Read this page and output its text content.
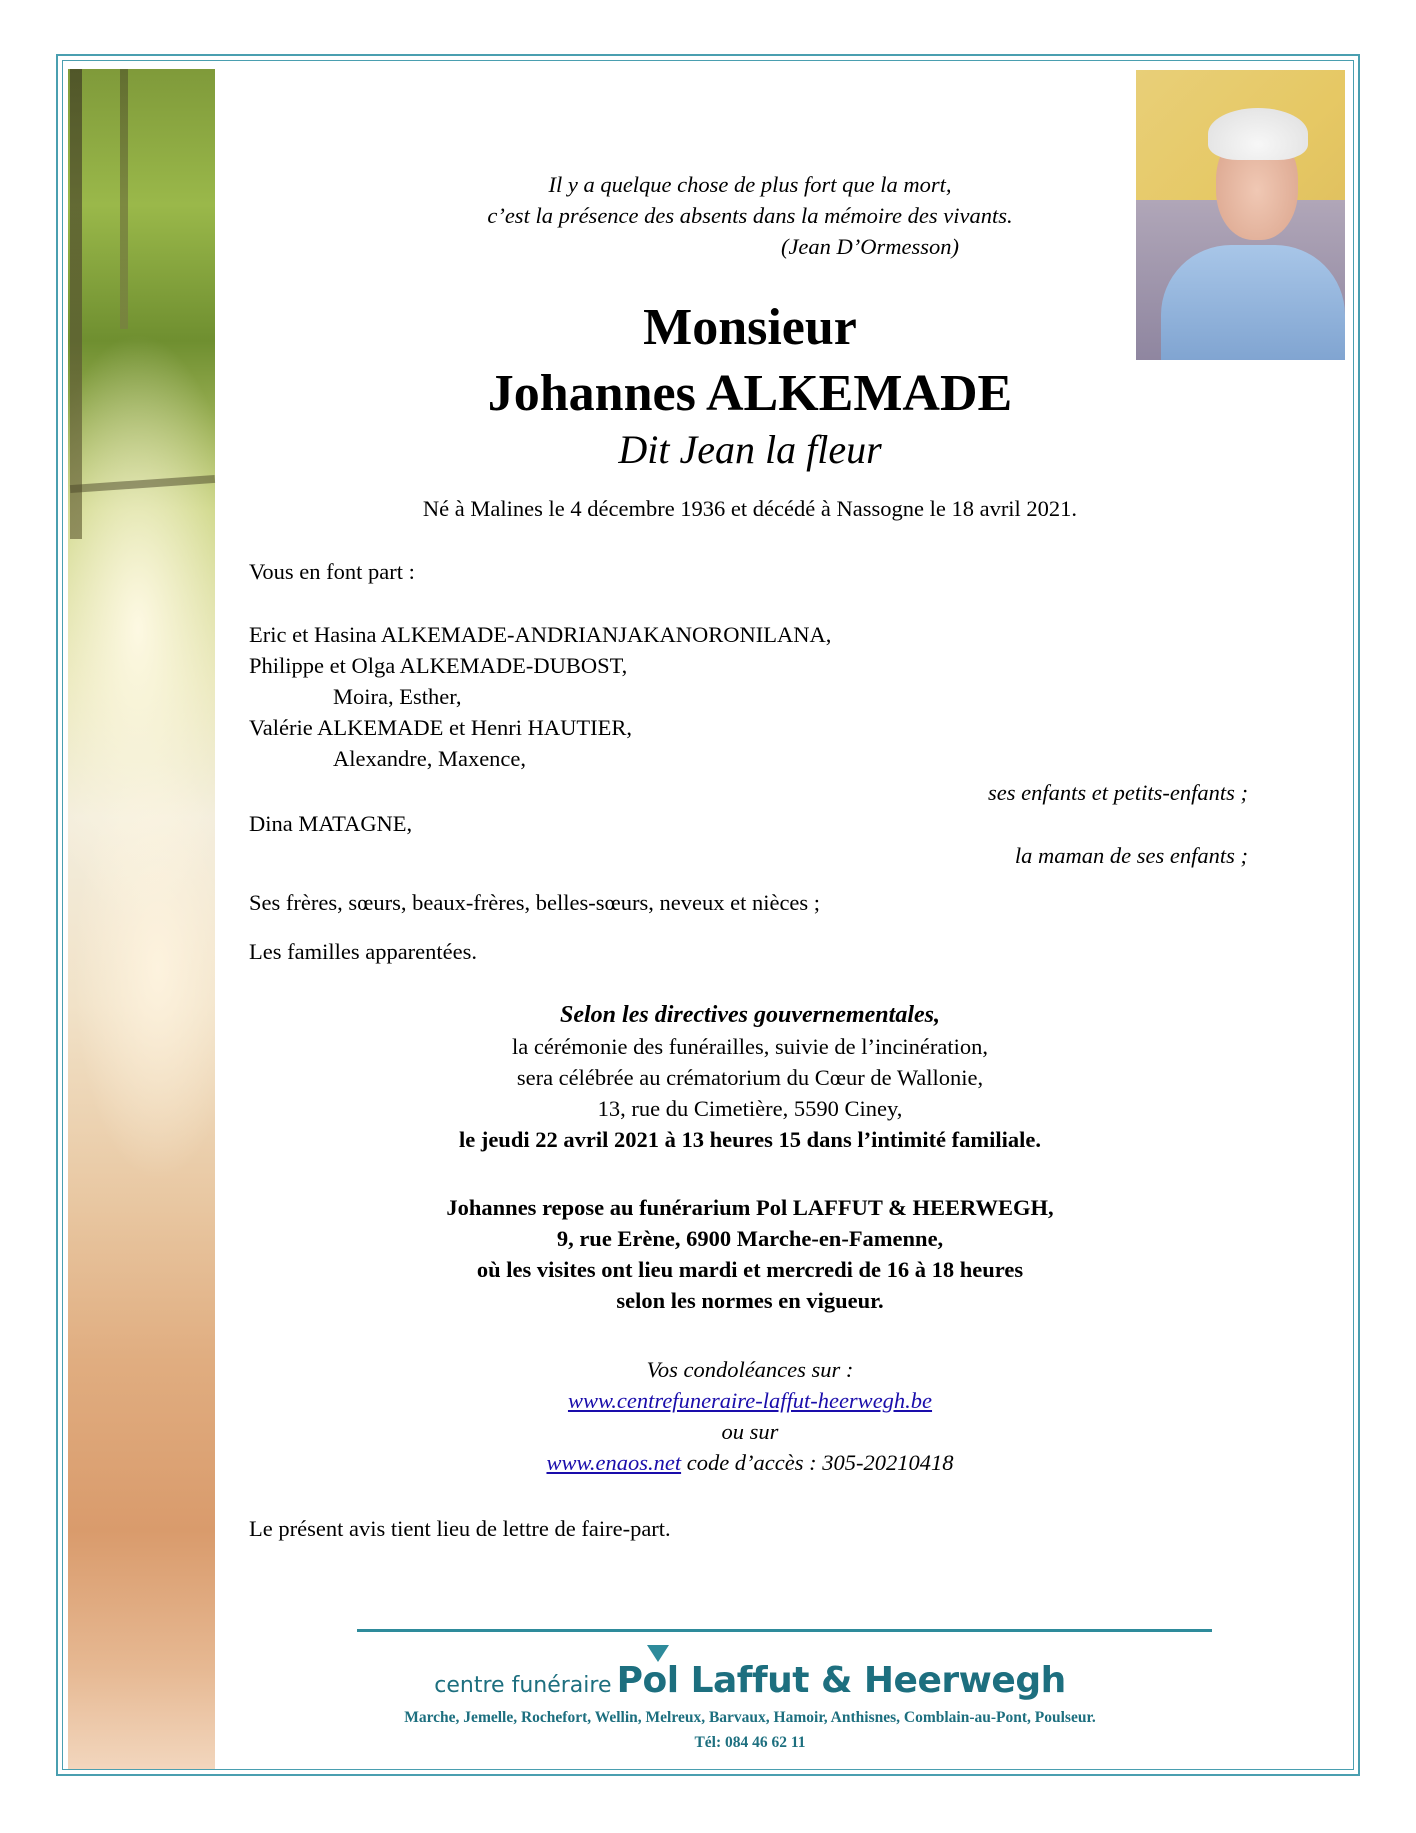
Il y a quelque chose de plus fort que la mort,
c’est la présence des absents dans la mémoire des vivants.
(Jean D’Ormesson)
Monsieur
Johannes ALKEMADE
Dit Jean la fleur
Né à Malines le 4 décembre 1936 et décédé à Nassogne le 18 avril 2021.
Vous en font part :
Eric et Hasina ALKEMADE-ANDRIANJAKANORONILANA,
Philippe et Olga ALKEMADE-DUBOST,
Moira, Esther,
Valérie ALKEMADE et Henri HAUTIER,
Alexandre, Maxence,
ses enfants et petits-enfants ;
Dina MATAGNE,
la maman de ses enfants ;
Ses frères, sœurs, beaux-frères, belles-sœurs, neveux et nièces ;
Les familles apparentées.
Selon les directives gouvernementales,
la cérémonie des funérailles, suivie de l’incinération,
sera célébrée au crématorium du Cœur de Wallonie,
13, rue du Cimetière, 5590 Ciney,
le jeudi 22 avril 2021 à 13 heures 15 dans l’intimité familiale.
Johannes repose au funérarium Pol LAFFUT & HEERWEGH,
9, rue Erène, 6900 Marche-en-Famenne,
où les visites ont lieu mardi et mercredi de 16 à 18 heures
selon les normes en vigueur.
Vos condoléances sur :
www.centrefuneraire-laffut-heerwegh.be
ou sur
www.enaos.net code d’accès : 305-20210418
Le présent avis tient lieu de lettre de faire-part.
centre funéraire Pol Laffut & Heerwegh
Marche, Jemelle, Rochefort, Wellin, Melreux, Barvaux, Hamoir, Anthisnes, Comblain-au-Pont, Poulseur.
Tél: 084 46 62 11
